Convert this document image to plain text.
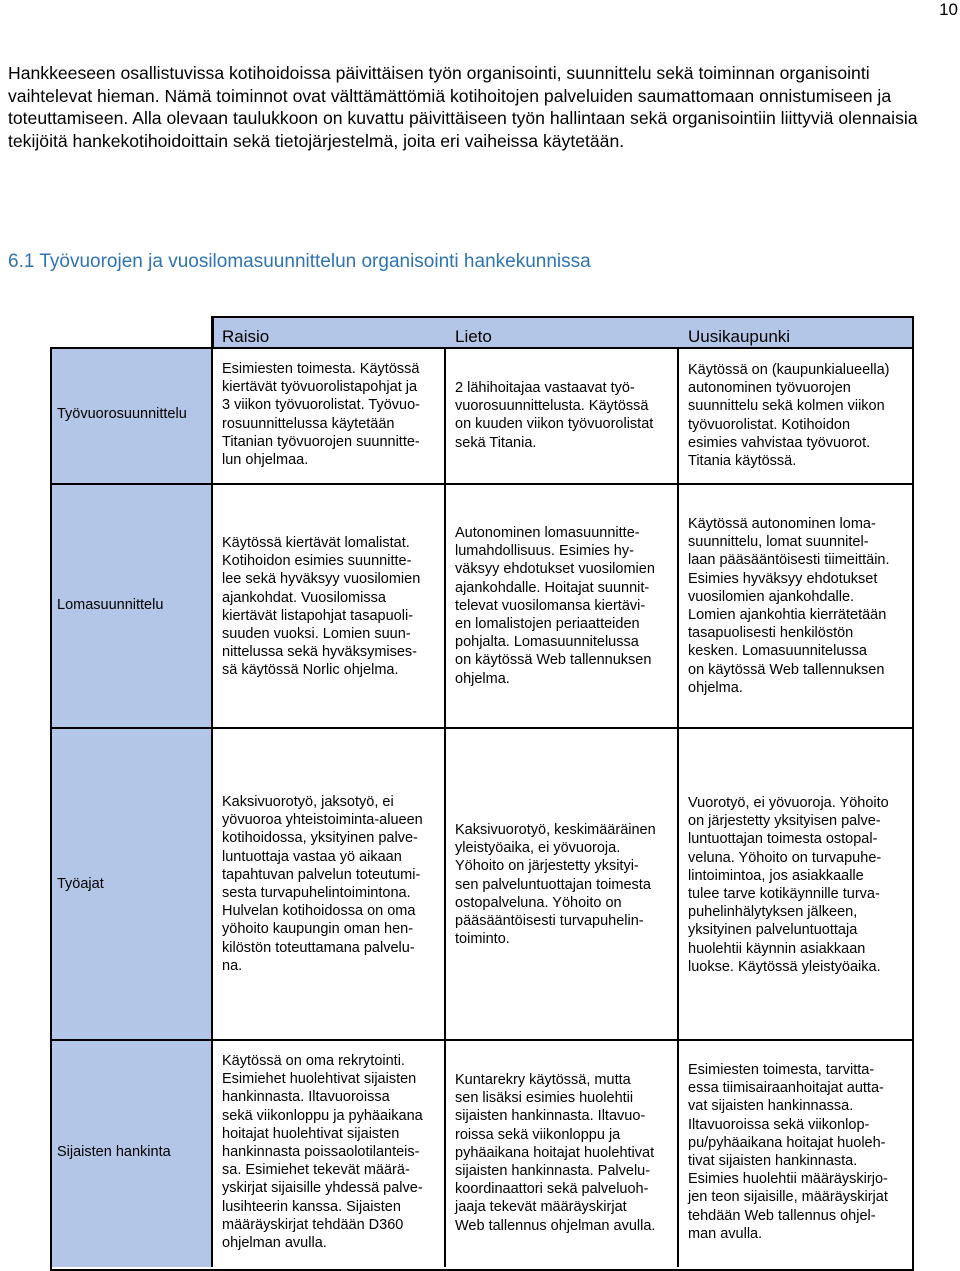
10

Hankkeeseen osallistuvissa kotihoidoissa päivittäisen työn organisointi, suunnittelu sekä toiminnan organisointi vaihtelevat hieman. Nämä toiminnot ovat välttämättömiä kotihoitojen palveluiden saumattomaan onnistumiseen ja toteuttamiseen. Alla olevaan taulukkoon on kuvattu päivittäiseen työn hallintaan sekä organisointiin liittyviä olennaisia tekijöitä hankekotihoidoittain sekä tietojärjestelmä, joita eri vaiheissa käytetään.

6.1 Työvuorojen ja vuosilomasuunnittelun organisointi hankekunnissa
Raisio	Lieto	Uusikaupunki
Työvuorosuunnittelu
Esimiesten toimesta. Käytössä
kiertävät työvuorolistapohjat ja
3 viikon työvuorolistat. Työvuo-
rosuunnittelussa käytetään
Titanian työvuorojen suunnitte-
lun ohjelmaa.
2 lähihoitajaa vastaavat työ-
vuorosuunnittelusta. Käytössä
on kuuden viikon työvuorolistat
sekä Titania.
Käytössä on (kaupunkialueella)
autonominen työvuorojen
suunnittelu sekä kolmen viikon
työvuorolistat. Kotihoidon
esimies vahvistaa työvuorot.
Titania käytössä.
Lomasuunnittelu
Käytössä kiertävät lomalistat.
Kotihoidon esimies suunnitte-
lee sekä hyväksyy vuosilomien
ajankohdat. Vuosilomissa
kiertävät listapohjat tasapuoli-
suuden vuoksi. Lomien suun-
nittelussa sekä hyväksymises-
sä käytössä Norlic ohjelma.
Autonominen lomasuunnitte-
lumahdollisuus. Esimies hy-
väksyy ehdotukset vuosilomien
ajankohdalle. Hoitajat suunnit-
televat vuosilomansa kiertävi-
en lomalistojen periaatteiden
pohjalta. Lomasuunnitelussa
on käytössä Web tallennuksen
ohjelma.
Käytössä autonominen loma-
suunnittelu, lomat suunnitel-
laan pääsääntöisesti tiimeittäin.
Esimies hyväksyy ehdotukset
vuosilomien ajankohdalle.
Lomien ajankohtia kierrätetään
tasapuolisesti henkilöstön
kesken. Lomasuunnitelussa
on käytössä Web tallennuksen
ohjelma.
Työajat
Kaksivuorotyö, jaksotyö, ei
yövuoroa yhteistoiminta-alueen
kotihoidossa, yksityinen palve-
luntuottaja vastaa yö aikaan
tapahtuvan palvelun toteutumi-
sesta turvapuhelintoimintona.
Hulvelan kotihoidossa on oma
yöhoito kaupungin oman hen-
kilöstön toteuttamana palvelu-
na.
Kaksivuorotyö, keskimääräinen
yleistyöaika, ei yövuoroja.
Yöhoito on järjestetty yksityi-
sen palveluntuottajan toimesta
ostopalveluna. Yöhoito on
pääsääntöisesti turvapuhelin-
toiminto.
Vuorotyö, ei yövuoroja. Yöhoito
on järjestetty yksityisen palve-
luntuottajan toimesta ostopal-
veluna. Yöhoito on turvapuhe-
lintoimintoa, jos asiakkaalle
tulee tarve kotikäynnille turva-
puhelinhälytyksen jälkeen,
yksityinen palveluntuottaja
huolehtii käynnin asiakkaan
luokse. Käytössä yleistyöaika.
Sijaisten hankinta
Käytössä on oma rekrytointi.
Esimiehet huolehtivat sijaisten
hankinnasta. Iltavuoroissa
sekä viikonloppu ja pyhäaikana
hoitajat huolehtivat sijaisten
hankinnasta poissaolotilanteis-
sa. Esimiehet tekevät määrä-
yskirjat sijaisille yhdessä palve-
lusihteerin kanssa. Sijaisten
määräyskirjat tehdään D360
ohjelman avulla.
Kuntarekry käytössä, mutta
sen lisäksi esimies huolehtii
sijaisten hankinnasta. Iltavuo-
roissa sekä viikonloppu ja
pyhäaikana hoitajat huolehtivat
sijaisten hankinnasta. Palvelu-
koordinaattori sekä palveluoh-
jaaja tekevät määräyskirjat
Web tallennus ohjelman avulla.
Esimiesten toimesta, tarvitta-
essa tiimisairaanhoitajat autta-
vat sijaisten hankinnassa.
Iltavuoroissa sekä viikonlop-
pu/pyhäaikana hoitajat huoleh-
tivat sijaisten hankinnasta.
Esimies huolehtii määräyskirjo-
jen teon sijaisille, määräyskirjat
tehdään Web tallennus ohjel-
man avulla.
